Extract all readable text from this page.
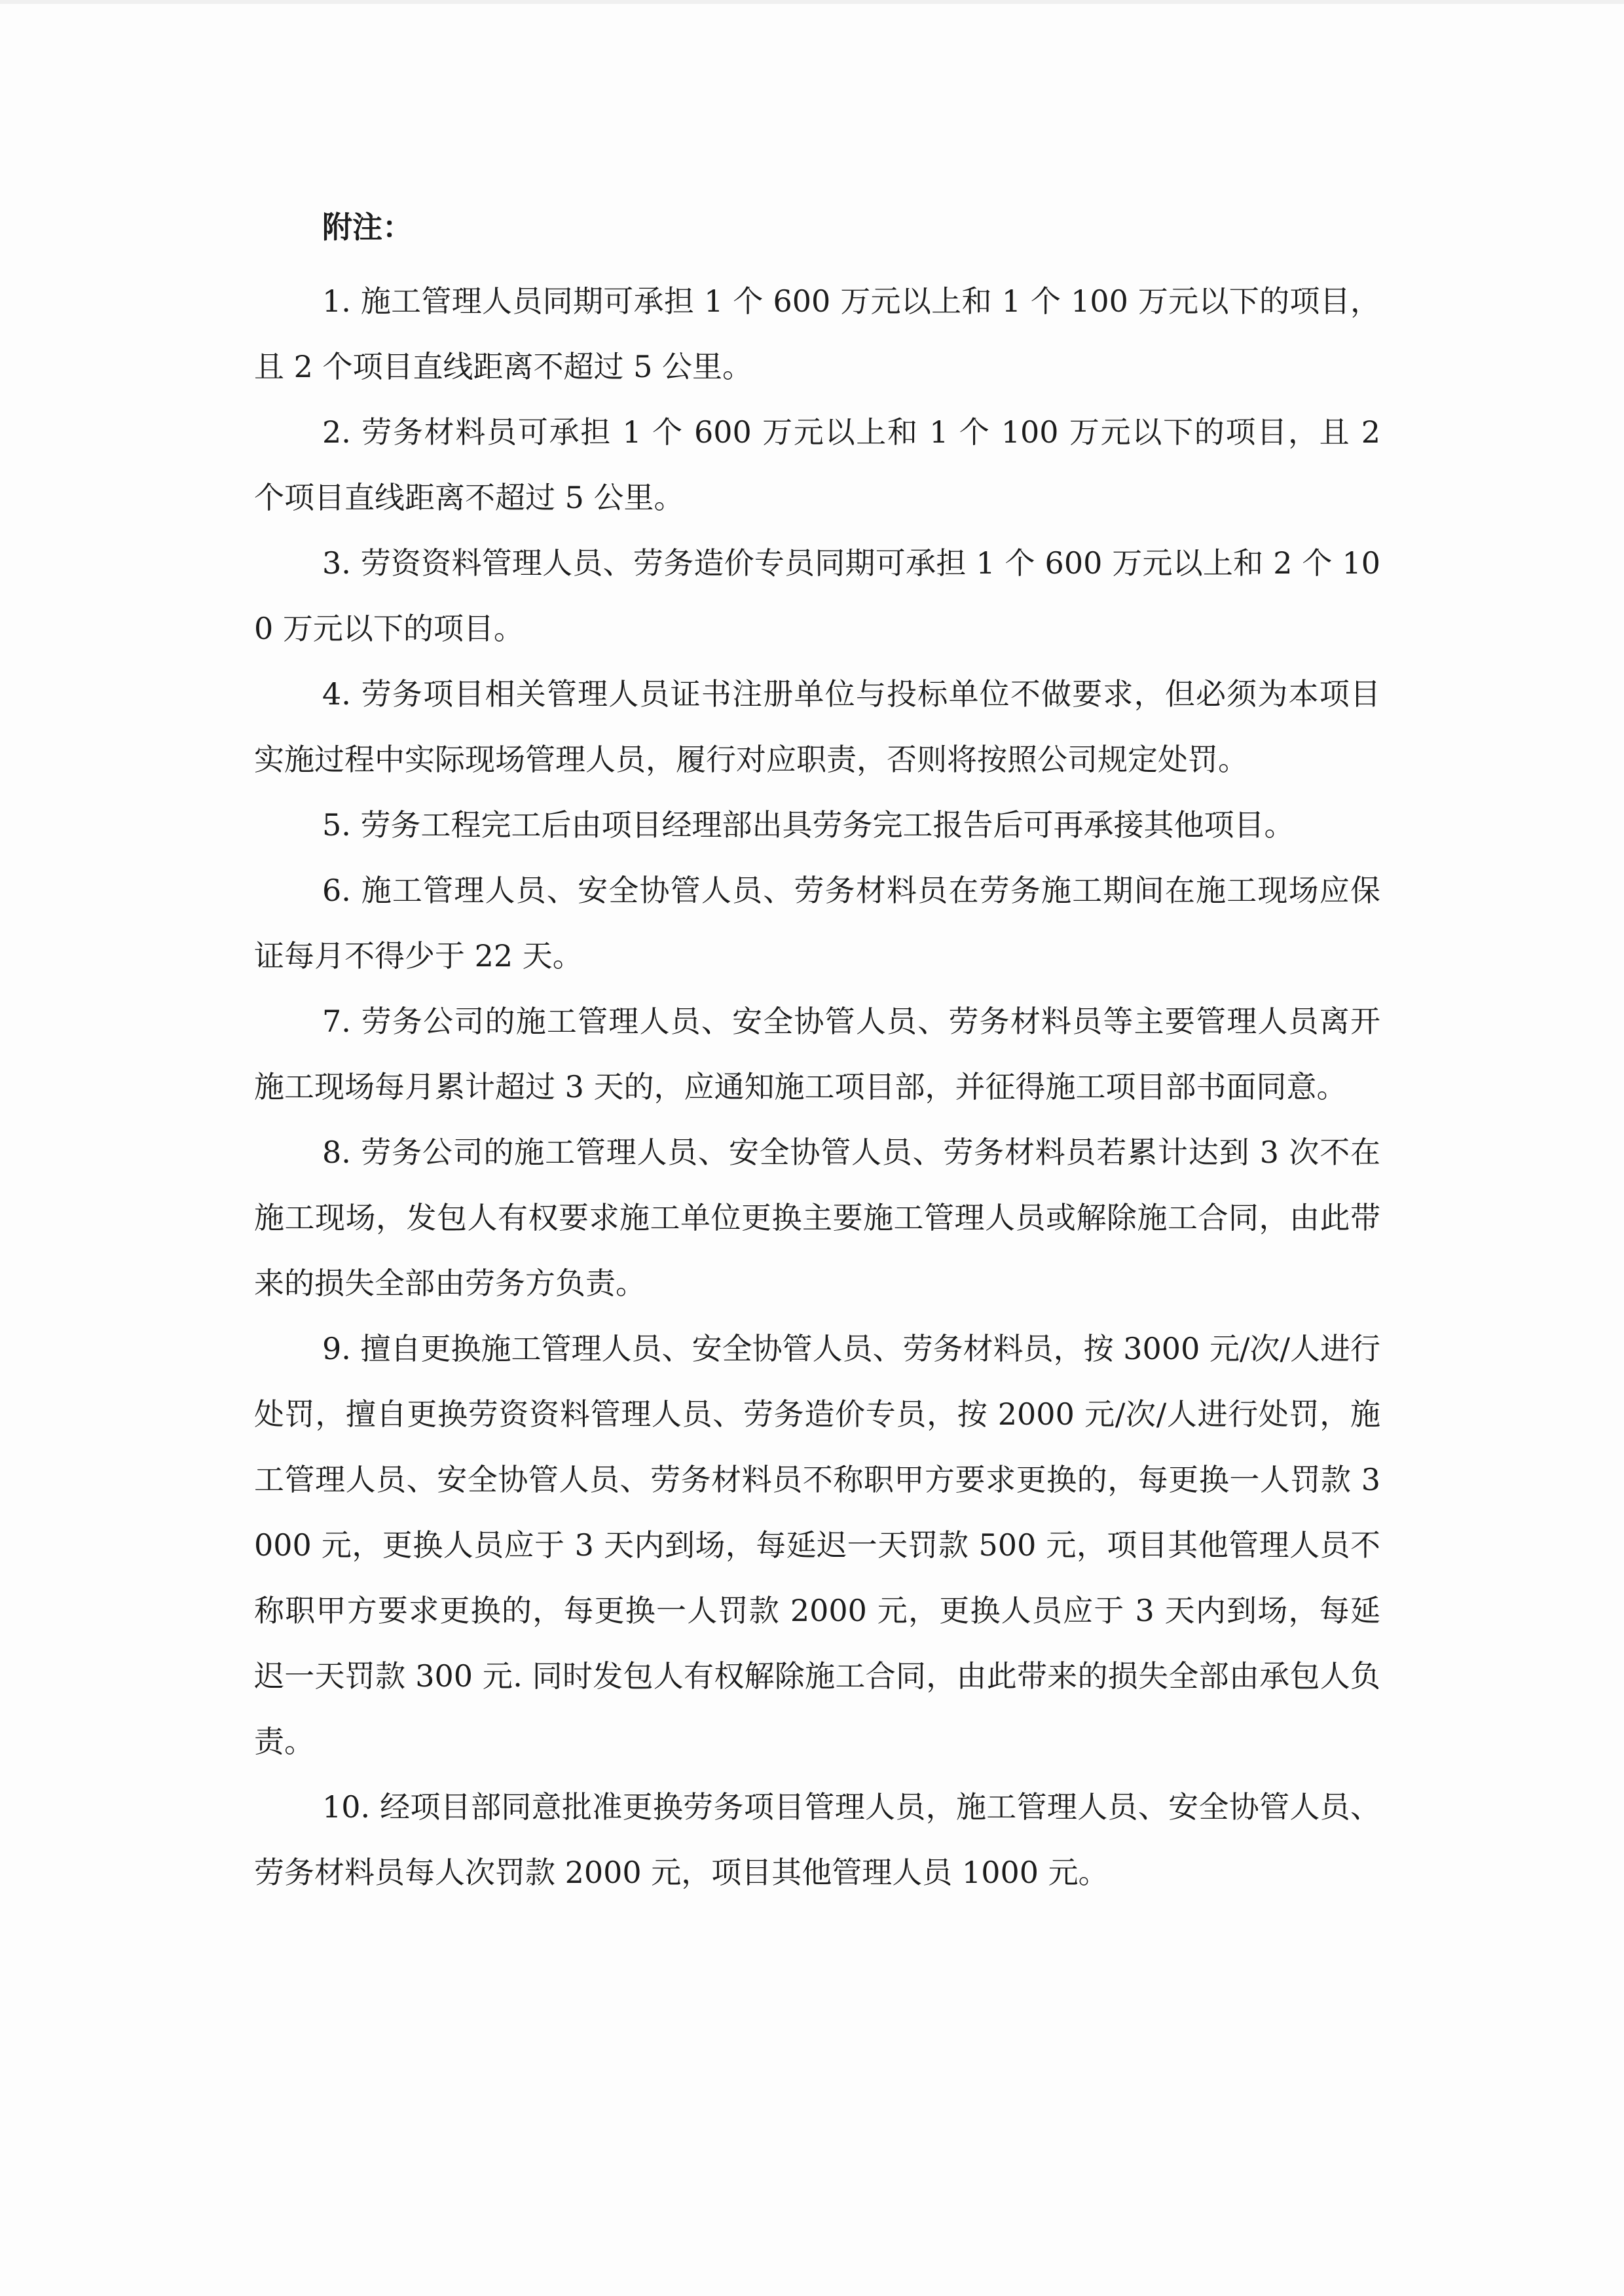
附注：

1. 施工管理人员同期可承担 1 个 600 万元以上和 1 个 100 万元以下的项目，且 2 个项目直线距离不超过 5 公里。

2. 劳务材料员可承担 1 个 600 万元以上和 1 个 100 万元以下的项目，且 2 个项目直线距离不超过 5 公里。

3. 劳资资料管理人员、劳务造价专员同期可承担 1 个 600 万元以上和 2 个 100 万元以下的项目。

4. 劳务项目相关管理人员证书注册单位与投标单位不做要求，但必须为本项目实施过程中实际现场管理人员，履行对应职责，否则将按照公司规定处罚。

5. 劳务工程完工后由项目经理部出具劳务完工报告后可再承接其他项目。

6. 施工管理人员、安全协管人员、劳务材料员在劳务施工期间在施工现场应保证每月不得少于 22 天。

7. 劳务公司的施工管理人员、安全协管人员、劳务材料员等主要管理人员离开施工现场每月累计超过 3 天的，应通知施工项目部，并征得施工项目部书面同意。

8. 劳务公司的施工管理人员、安全协管人员、劳务材料员若累计达到 3 次不在施工现场，发包人有权要求施工单位更换主要施工管理人员或解除施工合同，由此带来的损失全部由劳务方负责。

9. 擅自更换施工管理人员、安全协管人员、劳务材料员，按 3000 元/次/人进行处罚，擅自更换劳资资料管理人员、劳务造价专员，按 2000 元/次/人进行处罚，施工管理人员、安全协管人员、劳务材料员不称职甲方要求更换的，每更换一人罚款 3000 元，更换人员应于 3 天内到场，每延迟一天罚款 500 元，项目其他管理人员不称职甲方要求更换的，每更换一人罚款 2000 元，更换人员应于 3 天内到场，每延迟一天罚款 300 元. 同时发包人有权解除施工合同，由此带来的损失全部由承包人负责。

10. 经项目部同意批准更换劳务项目管理人员，施工管理人员、安全协管人员、劳务材料员每人次罚款 2000 元，项目其他管理人员 1000 元。
